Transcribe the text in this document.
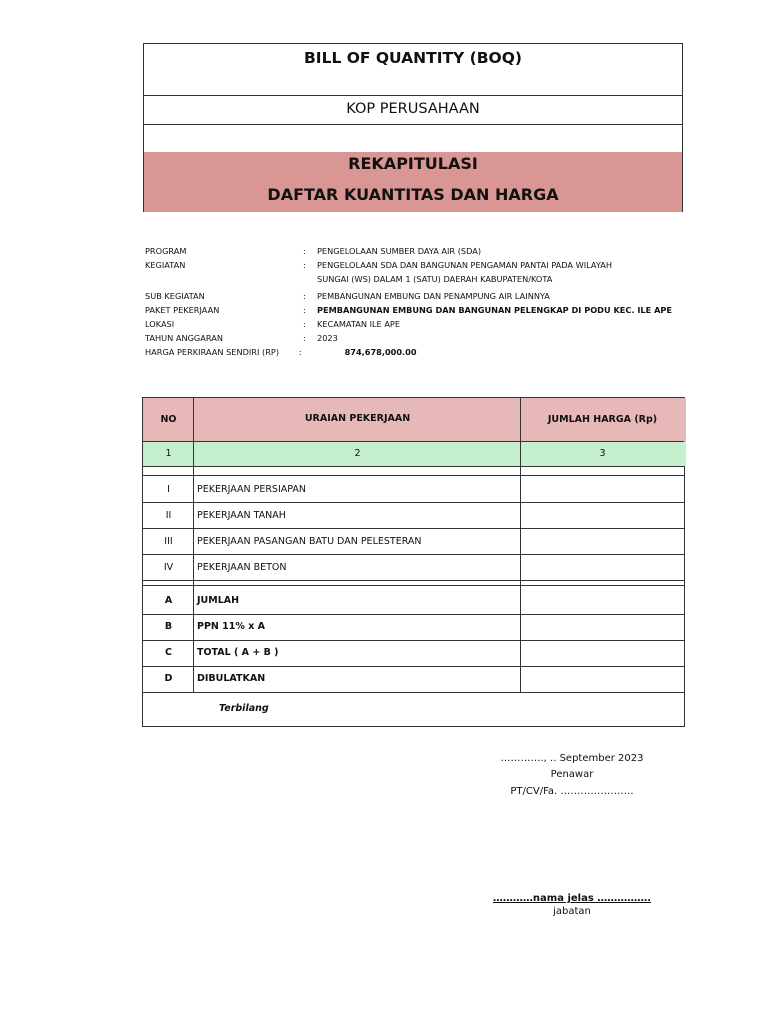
BILL OF QUANTITY (BOQ)
KOP PERUSAHAAN
REKAPITULASI
DAFTAR KUANTITAS DAN HARGA
PROGRAM	:	PENGELOLAAN SUMBER DAYA AIR (SDA)
KEGIATAN	:	PENGELOLAAN SDA DAN BANGUNAN PENGAMAN PANTAI PADA WILAYAH
SUNGAI (WS) DALAM 1 (SATU) DAERAH KABUPATEN/KOTA
SUB KEGIATAN	:	PEMBANGUNAN EMBUNG DAN PENAMPUNG AIR LAINNYA
PAKET PEKERJAAN	:	PEMBANGUNAN EMBUNG DAN BANGUNAN PELENGKAP DI PODU KEC. ILE APE
LOKASI	:	KECAMATAN ILE APE
TAHUN ANGGARAN	:	2023
HARGA PERKIRAAN SENDIRI (RP)	:	874,678,000.00
NO	URAIAN PEKERJAAN	JUMLAH HARGA (Rp)
1	2	3
I	PEKERJAAN PERSIAPAN
II	PEKERJAAN TANAH
III	PEKERJAAN PASANGAN BATU DAN PELESTERAN
IV	PEKERJAAN BETON
A	JUMLAH
B	PPN 11% x A
C	TOTAL ( A + B )
D	DIBULATKAN
Terbilang
…………., .. September 2023
Penawar
PT/CV/Fa. ………………….
…………nama jelas …………….
jabatan
